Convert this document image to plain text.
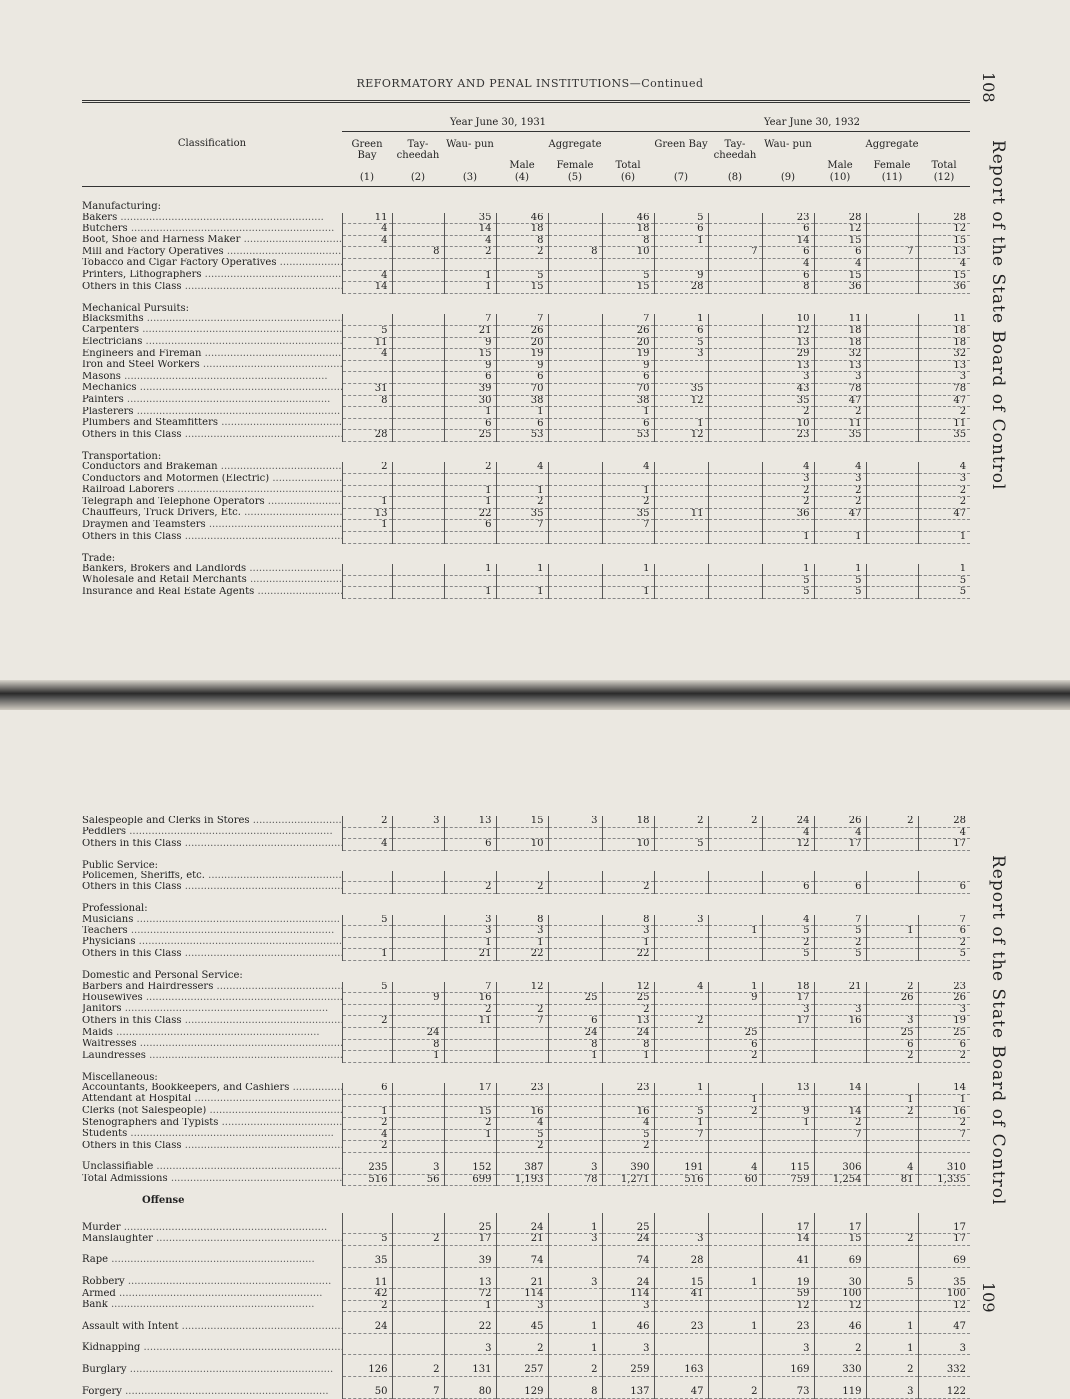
REFORMATORY AND PENAL INSTITUTIONS—Continued
Report of the State Board of Control
108
Classification
Year June 30, 1931	Year June 30, 1932
Green Bay
Tay- cheedah
Wau- pun	Aggregate
Male	Female	Total
Green Bay	Tay- cheedah
Wau- pun	Aggregate
Male	Female	Total
(1)	(2)	(3)	(4)	(5)	(6)	(7)	(8)	(9)	(10)	(11)	(12)
Manufacturing:												
Bakers .....	11		35	46		46	5		23	28		28
Butchers .....	4		14	18		18	6		6	12		12
Boot, Shoe and Harness Maker .....	4		4	8		8	1		14	15		15
Mill and Factory Operatives .....		8	2	2	8	10		7	6	6	7	13
Tobacco and Cigar Factory Operatives .....									4	4		4
Printers, Lithographers .....	4		1	5		5	9		6	15		15
Others in this Class .....	14		1	15		15	28		8	36		36
Mechanical Pursuits:												
Blacksmiths .....			7	7		7	1		10	11		11
Carpenters .....	5		21	26		26	6		12	18		18
Electricians .....	11		9	20		20	5		13	18		18
Engineers and Fireman .....	4		15	19		19	3		29	32		32
Iron and Steel Workers .....			9	9		9			13	13		13
Masons .....			6	6		6			3	3		3
Mechanics .....	31		39	70		70	35		43	78		78
Painters .....	8		30	38		38	12		35	47		47
Plasterers .....			1	1		1			2	2		2
Plumbers and Steamfitters .....			6	6		6	1		10	11		11
Others in this Class .....	28		25	53		53	12		23	35		35
Transportation:												
Conductors and Brakeman .....	2		2	4		4			4	4		4
Conductors and Motormen (Electric) .....									3	3		3
Railroad Laborers .....			1	1		1			2	2		2
Telegraph and Telephone Operators .....	1		1	2		2			2	2		2
Chauffeurs, Truck Drivers, Etc. .....	13		22	35		35	11		36	47		47
Draymen and Teamsters .....	1		6	7		7						
Others in this Class .....									1	1		1
Trade:												
Bankers, Brokers and Landlords .....			1	1		1			1	1		1
Wholesale and Retail Merchants .....									5	5		5
Insurance and Real Estate Agents .....			1	1		1			5	5		5
Report of the State Board of Control
109
Salespeople and Clerks in Stores .....	2	3	13	15	3	18	2	2	24	26	2	28
Peddlers .....									4	4		4
Others in this Class .....	4		6	10		10	5		12	17		17
Public Service:												
Policemen, Sheriffs, etc. .....												
Others in this Class .....			2	2		2			6	6		6
Professional:												
Musicians .....	5		3	8		8	3		4	7		7
Teachers .....			3	3		3		1	5	5	1	6
Physicians .....			1	1		1			2	2		2
Others in this Class .....	1		21	22		22			5	5		5
Domestic and Personal Service:												
Barbers and Hairdressers .....	5		7	12		12	4	1	18	21	2	23
Housewives .....		9	16		25	25		9	17		26	26
Janitors .....			2	2		2			3	3		3
Others in this Class .....	2		11	7	6	13	2		17	16	3	19
Maids .....		24			24	24		25			25	25
Waitresses .....		8			8	8		6			6	6
Laundresses .....		1			1	1		2			2	2
Miscellaneous:												
Accountants, Bookkeepers, and Cashiers .....	6		17	23		23	1		13	14		14
Attendant at Hospital .....								1			1	1
Clerks (not Salespeople) .....	1		15	16		16	5	2	9	14	2	16
Stenographers and Typists .....	2		2	4		4	1		1	2		2
Students .....	4		1	5		5	7			7		7
Others in this Class .....	2			2		2						
Unclassifiable .....	235	3	152	387	3	390	191	4	115	306	4	310
Total Admissions .....	516	56	699	1,193	78	1,271	516	60	759	1,254	81	1,335
Offense												
Murder .....			25	24	1	25			17	17		17
Manslaughter .....	5	2	17	21	3	24	3		14	15	2	17
Rape .....	35		39	74		74	28		41	69		69
Robbery .....	11		13	21	3	24	15	1	19	30	5	35
Armed .....	42		72	114		114	41		59	100		100
Bank .....	2		1	3		3			12	12		12
Assault with Intent .....	24		22	45	1	46	23	1	23	46	1	47
Kidnapping .....			3	2	1	3			3	2	1	3
Burglary .....	126	2	131	257	2	259	163		169	330	2	332
Forgery .....	50	7	80	129	8	137	47	2	73	119	3	122
